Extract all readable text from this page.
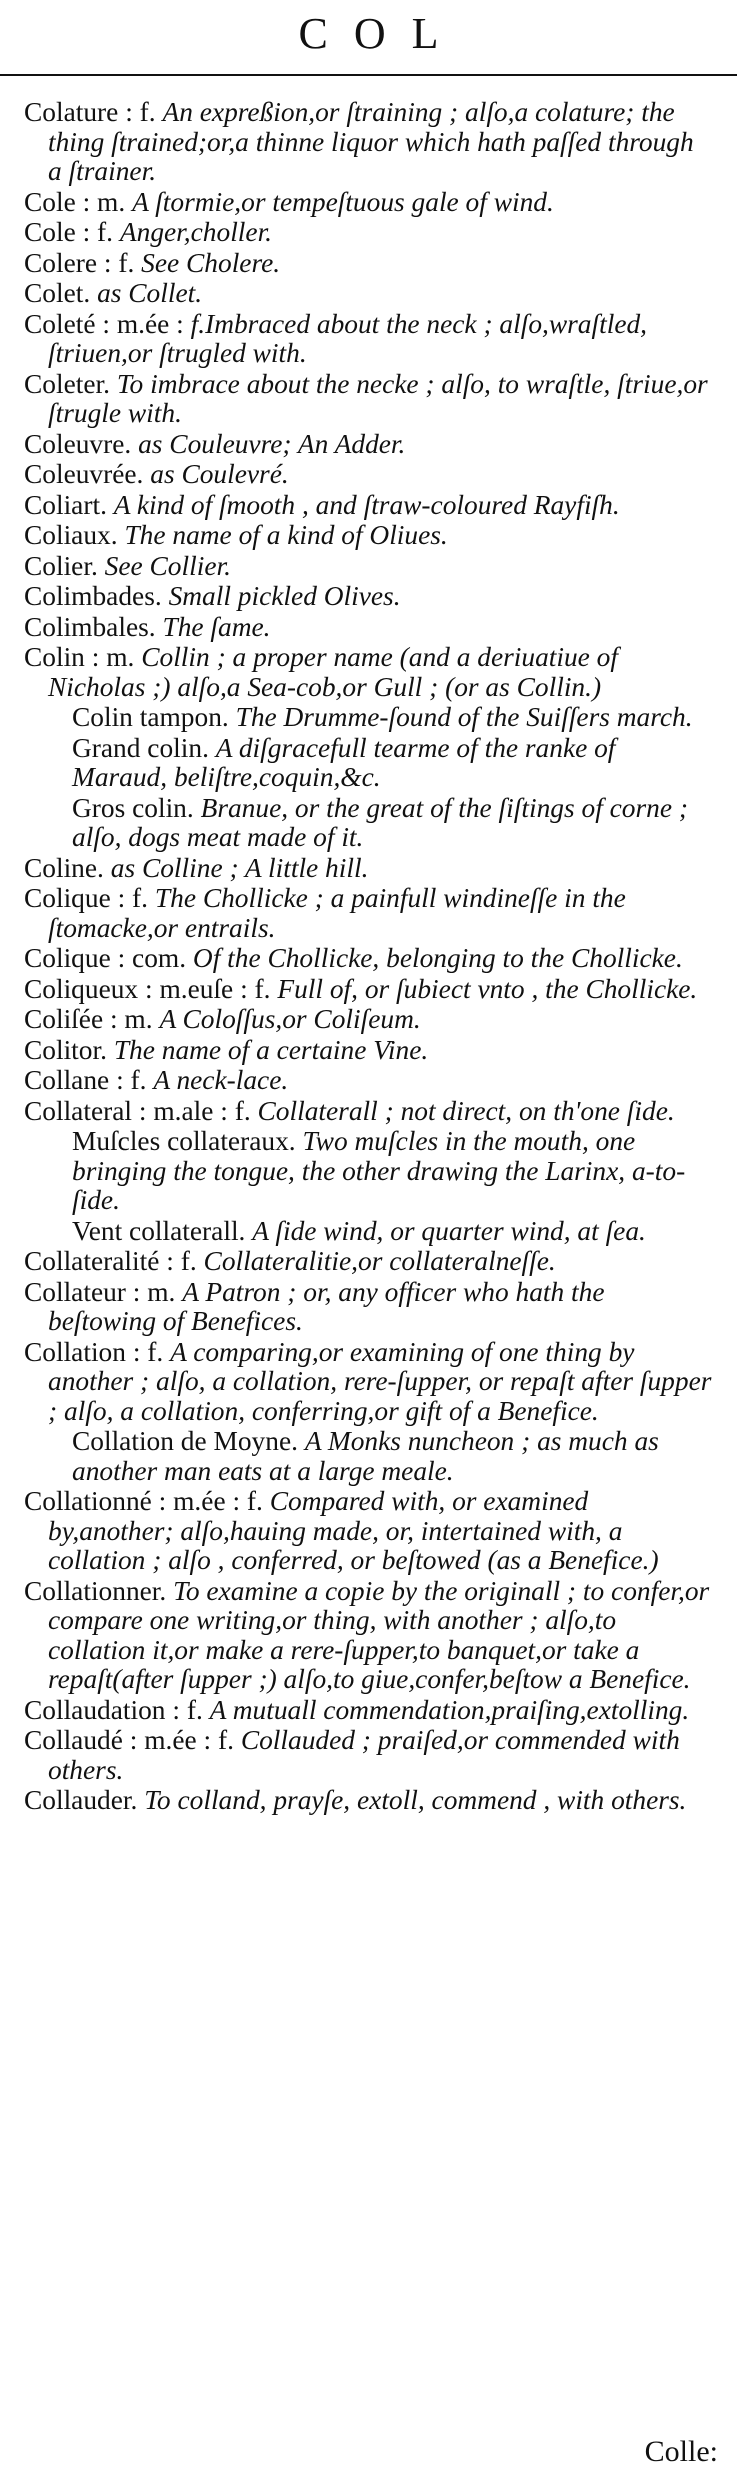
COL
Colature : f. An expreßion,or ſtraining ; alſo,a colature; the thing ſtrained;or,a thinne liquor which hath paſſed through a ſtrainer.
Cole : m. A ſtormie,or tempeſtuous gale of wind.
Cole : f. Anger,choller.
Colere : f. See Cholere.
Colet. as Collet.
Coleté : m.ée : f.Imbraced about the neck ; alſo,wraſtled, ſtriuen,or ſtrugled with.
Coleter. To imbrace about the necke ; alſo, to wraſtle, ſtriue,or ſtrugle with.
Coleuvre. as Couleuvre; An Adder.
Coleuvrée. as Coulevré.
Coliart. A kind of ſmooth , and ſtraw-coloured Rayfiſh.
Coliaux. The name of a kind of Oliues.
Colier. See Collier.
Colimbades. Small pickled Olives.
Colimbales. The ſame.
Colin : m. Collin ; a proper name (and a deriuatiue of Nicholas ;) alſo,a Sea-cob,or Gull ; (or as Collin.)
Colin tampon. The Drumme-ſound of the Suiſſers march.
Grand colin. A diſgracefull tearme of the ranke of Maraud, beliſtre,coquin,&c.
Gros colin. Branue, or the great of the ſiſtings of corne ; alſo, dogs meat made of it.
Coline. as Colline ; A little hill.
Colique : f. The Chollicke ; a painfull windineſſe in the ſtomacke,or entrails.
Colique : com. Of the Chollicke, belonging to the Chollicke.
Coliqueux : m.euſe : f. Full of, or ſubiect vnto , the Chollicke.
Coliſée : m. A Coloſſus,or Coliſeum.
Colitor. The name of a certaine Vine.
Collane : f. A neck-lace.
Collateral : m.ale : f. Collaterall ; not direct, on th'one ſide.
Muſcles collateraux. Two muſcles in the mouth, one bringing the tongue, the other drawing the Larinx, a-to-ſide.
Vent collaterall. A ſide wind, or quarter wind, at ſea.
Collateralité : f. Collateralitie,or collateralneſſe.
Collateur : m. A Patron ; or, any officer who hath the beſtowing of Benefices.
Collation : f. A comparing,or examining of one thing by another ; alſo, a collation, rere-ſupper, or repaſt after ſupper ; alſo, a collation, conferring,or gift of a Benefice.
Collation de Moyne. A Monks nuncheon ; as much as another man eats at a large meale.
Collationné : m.ée : f. Compared with, or examined by,another; alſo,hauing made, or, intertained with, a collation ; alſo , conferred, or beſtowed (as a Benefice.)
Collationner. To examine a copie by the originall ; to confer,or compare one writing,or thing, with another ; alſo,to collation it,or make a rere-ſupper,to banquet,or take a repaſt(after ſupper ;) alſo,to giue,confer,beſtow a Benefice.
Collaudation : f. A mutuall commendation,praiſing,extolling.
Collaudé : m.ée : f. Collauded ; praiſed,or commended with others.
Collauder. To colland, prayſe, extoll, commend , with others.
Colle:
